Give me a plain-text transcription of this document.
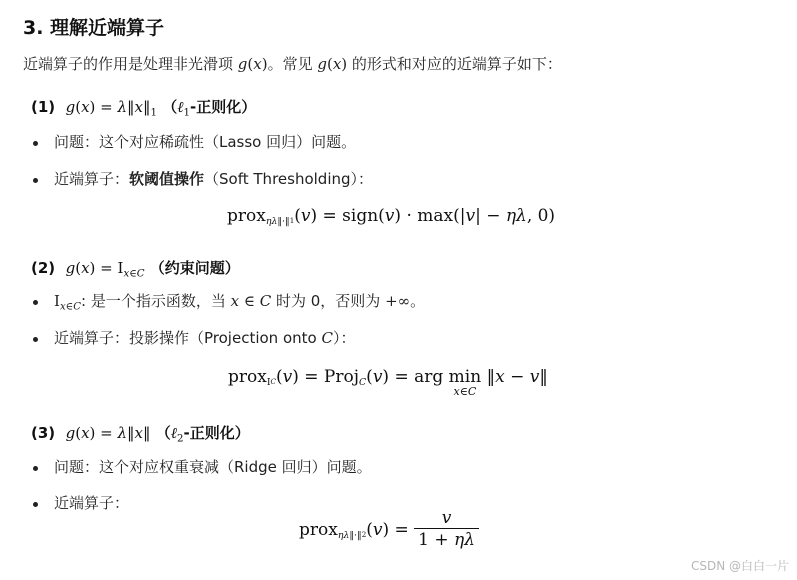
3. 理解近端算子
近端算子的作用是处理非光滑项 g(x)。常见 g(x) 的形式和对应的近端算子如下：
(1) $g(x) = \lambda‖x‖_1$ （ℓ$_1$-正则化）
问题：这个对应稀疏性（Lasso 回归）问题。
近端算子：软阈值操作（Soft Thresholding）：
proxηλ‖·‖1(v) = sign(v) · max(|v| − ηλ, 0)
(2) $g(x) = I_{x\in C}$ （约束问题）
$I_{x\in C}$: 是一个指示函数，当 x ∈ C 时为 0，否则为 +∞。
近端算子：投影操作（Projection onto C）：
proxIC(v) = ProjC(v) = arg min
x∈C
‖x − v‖
(3) g(x) = λ‖x‖ （ℓ$_2$-正则化）
问题：这个对应权重衰减（Ridge 回归）问题。
近端算子：
proxηλ‖·‖2(v) = $\frac{v}{1 + \eta\lambda}$
CSDN @白白一片
